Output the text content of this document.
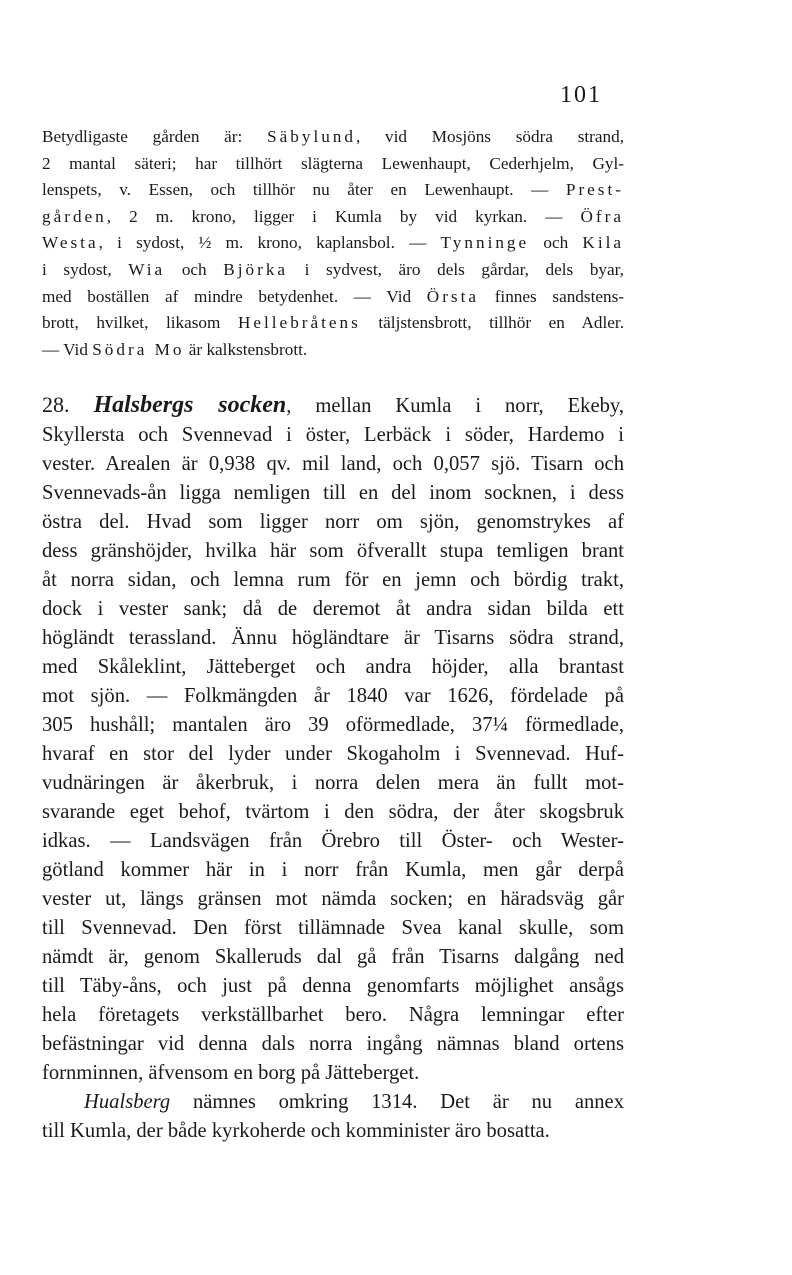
101
Betydligaste gården är: Säbylund, vid Mosjöns södra strand,
2 mantal säteri; har tillhört slägterna Lewenhaupt, Cederhjelm, Gyl-
lenspets, v. Essen, och tillhör nu åter en Lewenhaupt. — Prest-
gården, 2 m. krono, ligger i Kumla by vid kyrkan. — Öfra
Westa, i sydost, ½ m. krono, kaplansbol. — Tynninge och Kila
i sydost, Wia och Björka i sydvest, äro dels gårdar, dels byar,
med boställen af mindre betydenhet. — Vid Örsta finnes sandstens-
brott, hvilket, likasom Hellebråtens täljstensbrott, tillhör en Adler.
— Vid Södra Mo är kalkstensbrott.
28. Halsbergs socken, mellan Kumla i norr, Ekeby,
Skyllersta och Svennevad i öster, Lerbäck i söder, Hardemo i
vester. Arealen är 0,938 qv. mil land, och 0,057 sjö. Tisarn och
Svennevads-ån ligga nemligen till en del inom socknen, i dess
östra del. Hvad som ligger norr om sjön, genomstrykes af
dess gränshöjder, hvilka här som öfverallt stupa temligen brant
åt norra sidan, och lemna rum för en jemn och bördig trakt,
dock i vester sank; då de deremot åt andra sidan bilda ett
högländt terassland. Ännu högländtare är Tisarns södra strand,
med Skåleklint, Jätteberget och andra höjder, alla brantast
mot sjön. — Folkmängden år 1840 var 1626, fördelade på
305 hushåll; mantalen äro 39 oförmedlade, 37¼ förmedlade,
hvaraf en stor del lyder under Skogaholm i Svennevad. Huf-
vudnäringen är åkerbruk, i norra delen mera än fullt mot-
svarande eget behof, tvärtom i den södra, der åter skogsbruk
idkas. — Landsvägen från Örebro till Öster- och Wester-
götland kommer här in i norr från Kumla, men går derpå
vester ut, längs gränsen mot nämda socken; en häradsväg går
till Svennevad. Den först tillämnade Svea kanal skulle, som
nämdt är, genom Skalleruds dal gå från Tisarns dalgång ned
till Täby-åns, och just på denna genomfarts möjlighet ansågs
hela företagets verkställbarhet bero. Några lemningar efter
befästningar vid denna dals norra ingång nämnas bland ortens
fornminnen, äfvensom en borg på Jätteberget.
Hualsberg nämnes omkring 1314. Det är nu annex
till Kumla, der både kyrkoherde och komminister äro bosatta.
